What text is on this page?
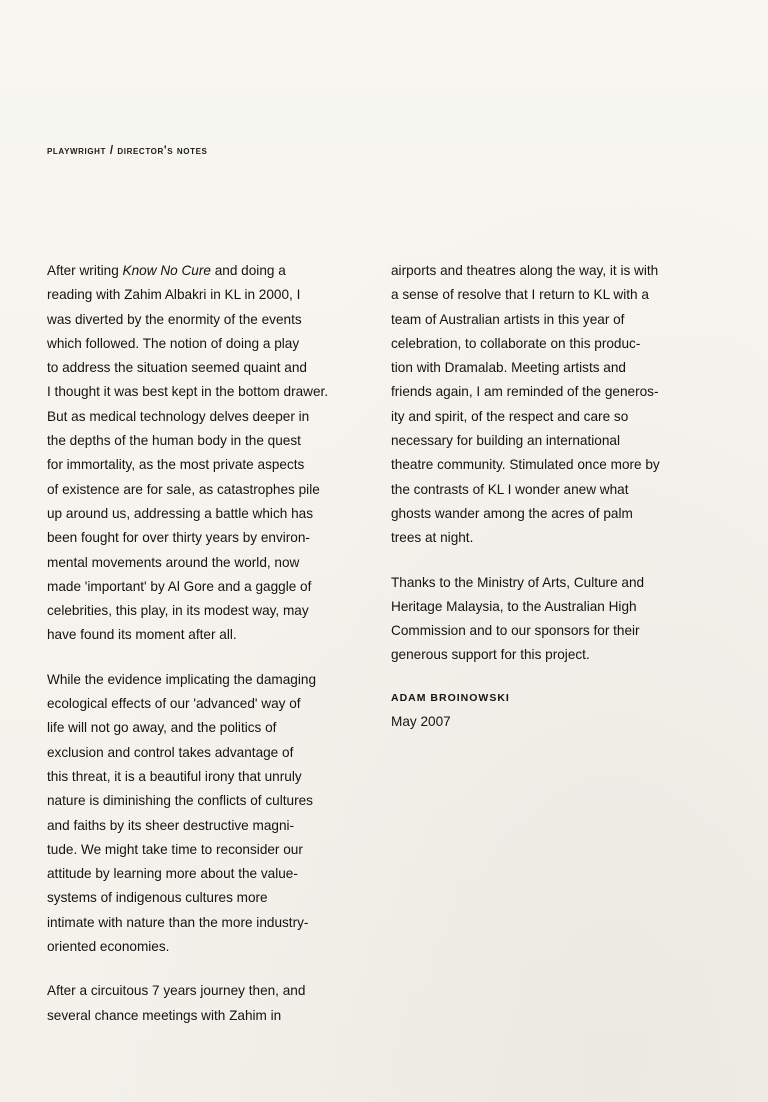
playwright / director's notes
After writing Know No Cure and doing a
reading with Zahim Albakri in KL in 2000, I
was diverted by the enormity of the events
which followed. The notion of doing a play
to address the situation seemed quaint and
I thought it was best kept in the bottom drawer.
But as medical technology delves deeper in
the depths of the human body in the quest
for immortality, as the most private aspects
of existence are for sale, as catastrophes pile
up around us, addressing a battle which has
been fought for over thirty years by environ-
mental movements around the world, now
made 'important' by Al Gore and a gaggle of
celebrities, this play, in its modest way, may
have found its moment after all.
While the evidence implicating the damaging
ecological effects of our 'advanced' way of
life will not go away, and the politics of
exclusion and control takes advantage of
this threat, it is a beautiful irony that unruly
nature is diminishing the conflicts of cultures
and faiths by its sheer destructive magni-
tude. We might take time to reconsider our
attitude by learning more about the value-
systems of indigenous cultures more
intimate with nature than the more industry-
oriented economies.
After a circuitous 7 years journey then, and
several chance meetings with Zahim in
airports and theatres along the way, it is with
a sense of resolve that I return to KL with a
team of Australian artists in this year of
celebration, to collaborate on this produc-
tion with Dramalab. Meeting artists and
friends again, I am reminded of the generos-
ity and spirit, of the respect and care so
necessary for building an international
theatre community. Stimulated once more by
the contrasts of KL I wonder anew what
ghosts wander among the acres of palm
trees at night.
Thanks to the Ministry of Arts, Culture and
Heritage Malaysia, to the Australian High
Commission and to our sponsors for their
generous support for this project.
ADAM BROINOWSKI
May 2007
